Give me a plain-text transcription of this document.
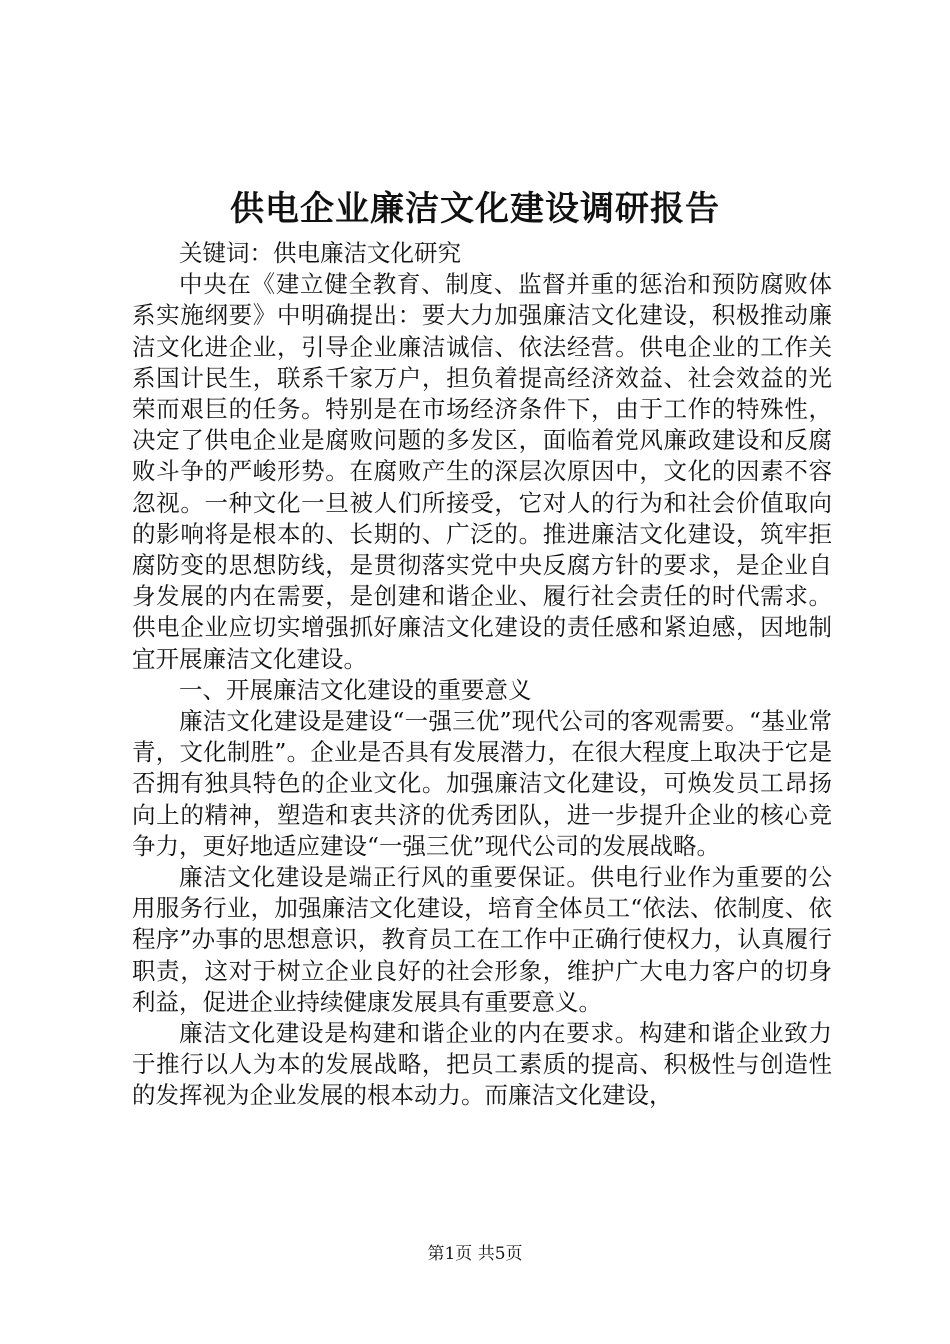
供电企业廉洁文化建设调研报告

关键词：供电廉洁文化研究

中央在《建立健全教育、制度、监督并重的惩治和预防腐败体系实施纲要》中明确提出：要大力加强廉洁文化建设，积极推动廉洁文化进企业，引导企业廉洁诚信、依法经营。供电企业的工作关系国计民生，联系千家万户，担负着提高经济效益、社会效益的光荣而艰巨的任务。特别是在市场经济条件下，由于工作的特殊性，决定了供电企业是腐败问题的多发区，面临着党风廉政建设和反腐败斗争的严峻形势。在腐败产生的深层次原因中，文化的因素不容忽视。一种文化一旦被人们所接受，它对人的行为和社会价值取向的影响将是根本的、长期的、广泛的。推进廉洁文化建设，筑牢拒腐防变的思想防线，是贯彻落实党中央反腐方针的要求，是企业自身发展的内在需要，是创建和谐企业、履行社会责任的时代需求。供电企业应切实增强抓好廉洁文化建设的责任感和紧迫感，因地制宜开展廉洁文化建设。

一、开展廉洁文化建设的重要意义

廉洁文化建设是建设“一强三优”现代公司的客观需要。“基业常青，文化制胜”。企业是否具有发展潜力，在很大程度上取决于它是否拥有独具特色的企业文化。加强廉洁文化建设，可焕发员工昂扬向上的精神，塑造和衷共济的优秀团队，进一步提升企业的核心竞争力，更好地适应建设“一强三优”现代公司的发展战略。

廉洁文化建设是端正行风的重要保证。供电行业作为重要的公用服务行业，加强廉洁文化建设，培育全体员工“依法、依制度、依程序”办事的思想意识，教育员工在工作中正确行使权力，认真履行职责，这对于树立企业良好的社会形象，维护广大电力客户的切身利益，促进企业持续健康发展具有重要意义。

廉洁文化建设是构建和谐企业的内在要求。构建和谐企业致力于推行以人为本的发展战略，把员工素质的提高、积极性与创造性的发挥视为企业发展的根本动力。而廉洁文化建设，

第1页 共5页
